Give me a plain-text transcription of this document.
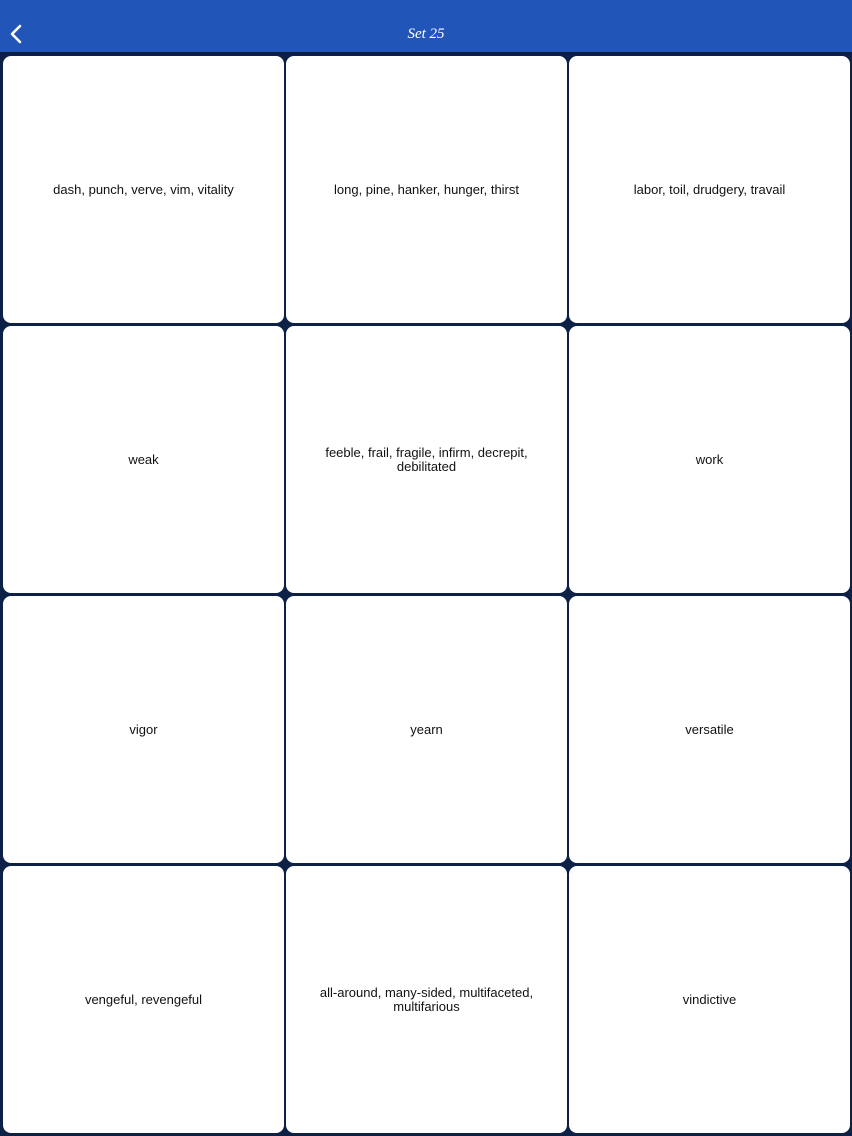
Set 25
dash, punch, verve, vim, vitality	long, pine, hanker, hunger, thirst	labor, toil, drudgery, travail
weak	feeble, frail, fragile, infirm, decrepit, debilitated	work
vigor	yearn	versatile
vengeful, revengeful	all-around, many-sided, multifaceted, multifarious	vindictive
